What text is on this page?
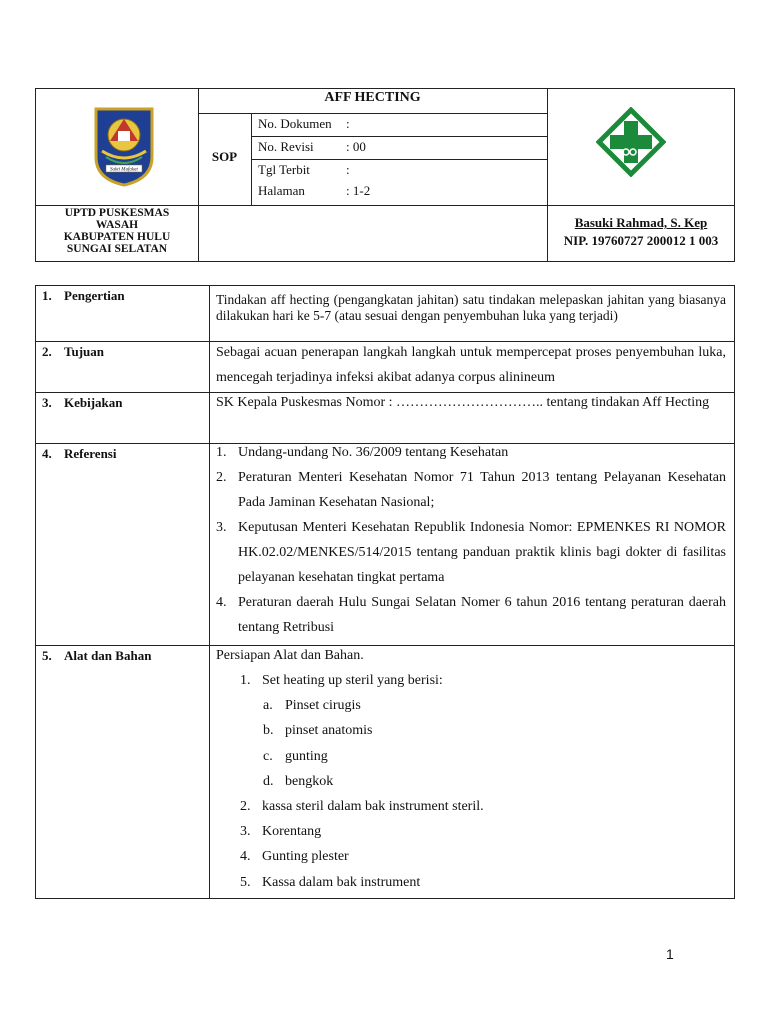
Sakti Mufakat
AFF HECTING
SOP
No. Dokumen :
No. Revisi : 00
Tgl Terbit	:
Halaman	: 1-2
UPTD PUSKESMAS
WASAH
KABUPATEN HULU
SUNGAI SELATAN
Basuki Rahmad, S. Kep
NIP. 19760727 200012 1 003
1. Pengertian	Tindakan aff hecting (pengangkatan jahitan) satu tindakan melepaskan jahitan yang biasanya dilakukan hari ke 5-7 (atau sesuai dengan penyembuhan luka yang terjadi)
2. Tujuan	Sebagai acuan penerapan langkah langkah untuk mempercepat proses penyembuhan luka, mencegah terjadinya infeksi akibat adanya corpus alinineum
3. Kebijakan	SK Kepala Puskesmas Nomor : ………………………….. tentang tindakan Aff Hecting
4. Referensi	1. Undang-undang No. 36/2009 tentang Kesehatan
2. Peraturan Menteri Kesehatan Nomor 71 Tahun 2013 tentang Pelayanan Kesehatan Pada Jaminan Kesehatan Nasional;
3. Keputusan Menteri Kesehatan Republik Indonesia Nomor: EPMENKES RI NOMOR HK.02.02/MENKES/514/2015 tentang panduan praktik klinis bagi dokter di fasilitas pelayanan kesehatan tingkat pertama
4. Peraturan daerah Hulu Sungai Selatan Nomer 6 tahun 2016 tentang peraturan daerah tentang Retribusi
5. Alat dan Bahan	Persiapan Alat dan Bahan.
1. Set heating up steril yang berisi:
a. Pinset cirugis
b. pinset anatomis
c. gunting
d. bengkok
2. kassa steril dalam bak instrument steril.
3. Korentang
4. Gunting plester
5. Kassa dalam bak instrument
1
